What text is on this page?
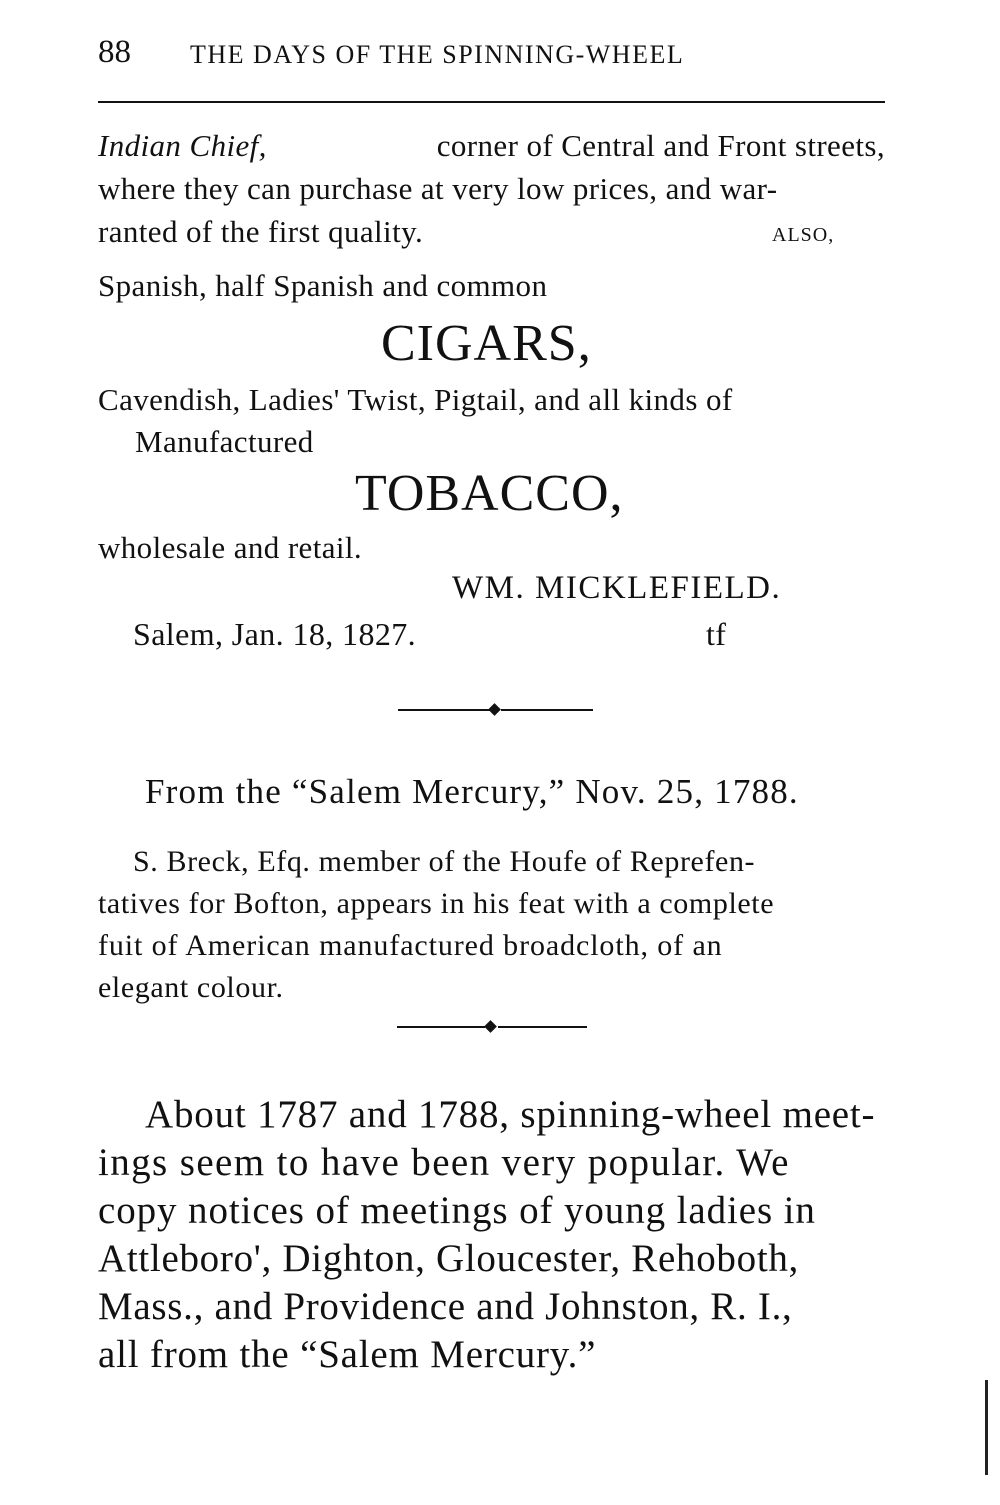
88 THE DAYS OF THE SPINNING-WHEEL
Indian Chief,	corner of Central and Front streets,
where they can purchase at very low prices, and war-
ranted of the first quality.	ALSO,
Spanish, half Spanish and common
CIGARS,
Cavendish, Ladies' Twist, Pigtail, and all kinds of
Manufactured
TOBACCO,
wholesale and retail.
WM. MICKLEFIELD.
Salem, Jan. 18, 1827.	tf
From the “Salem Mercury,” Nov. 25, 1788.
S. Breck, Efq. member of the Houfe of Reprefen-
tatives for Bofton, appears in his feat with a complete
fuit of American manufactured broadcloth, of an
elegant colour.
About 1787 and 1788, spinning-wheel meet-
ings seem to have been very popular. We
copy notices of meetings of young ladies in
Attleboro', Dighton, Gloucester, Rehoboth,
Mass., and Providence and Johnston, R. I.,
all from the “Salem Mercury.”
